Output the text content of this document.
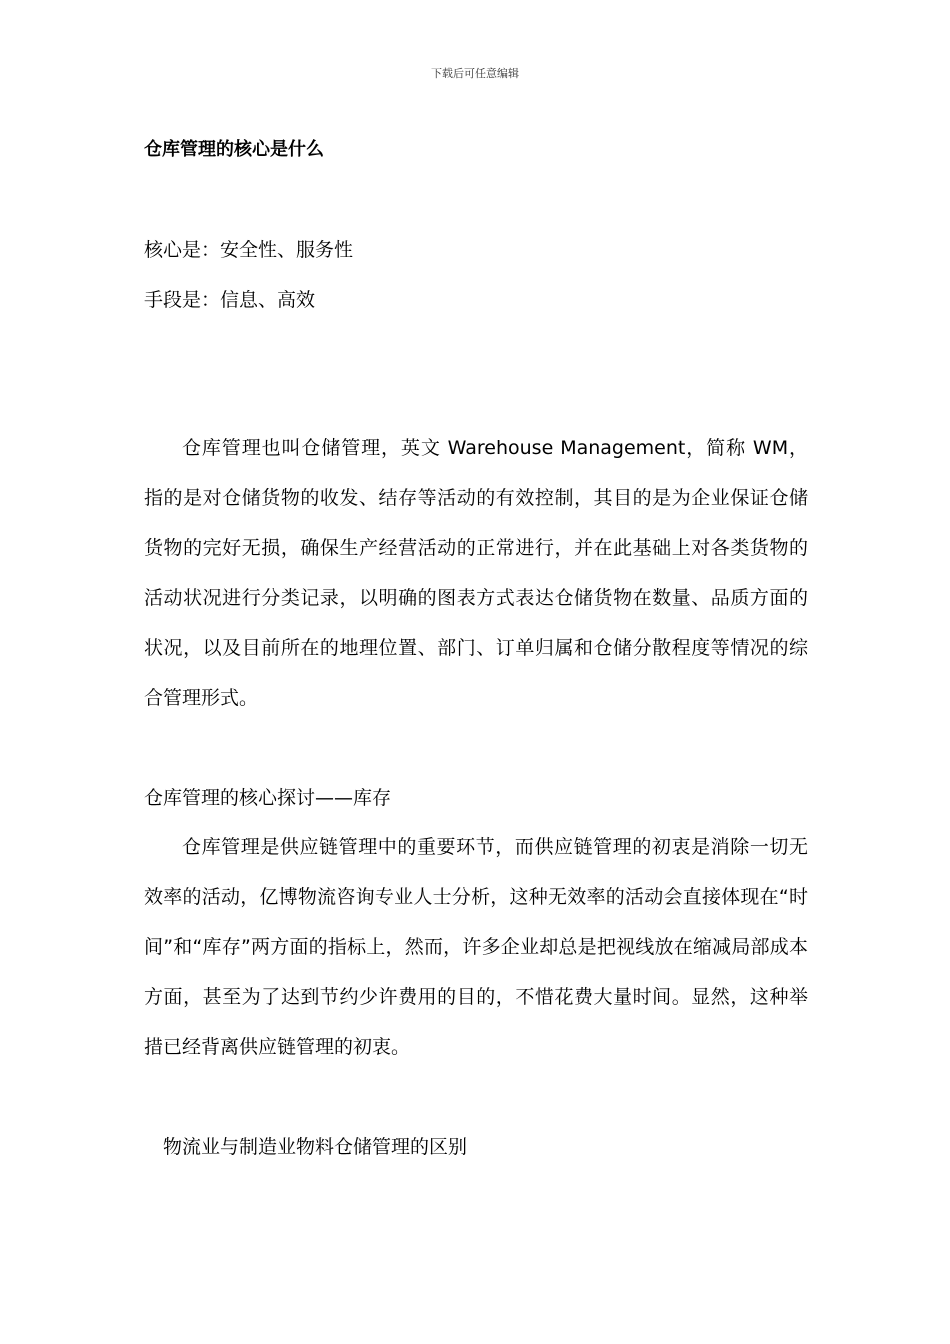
下载后可任意编辑
仓库管理的核心是什么

核心是：安全性、服务性

手段是：信息、高效

仓库管理也叫仓储管理，英文 Warehouse Management，简称 WM，指的是对仓储货物的收发、结存等活动的有效控制，其目的是为企业保证仓储货物的完好无损，确保生产经营活动的正常进行，并在此基础上对各类货物的活动状况进行分类记录，以明确的图表方式表达仓储货物在数量、品质方面的状况，以及目前所在的地理位置、部门、订单归属和仓储分散程度等情况的综合管理形式。

仓库管理的核心探讨——库存

仓库管理是供应链管理中的重要环节，而供应链管理的初衷是消除一切无效率的活动，亿博物流咨询专业人士分析，这种无效率的活动会直接体现在“时间”和“库存”两方面的指标上，然而，许多企业却总是把视线放在缩减局部成本方面，甚至为了达到节约少许费用的目的，不惜花费大量时间。显然，这种举措已经背离供应链管理的初衷。

物流业与制造业物料仓储管理的区别
